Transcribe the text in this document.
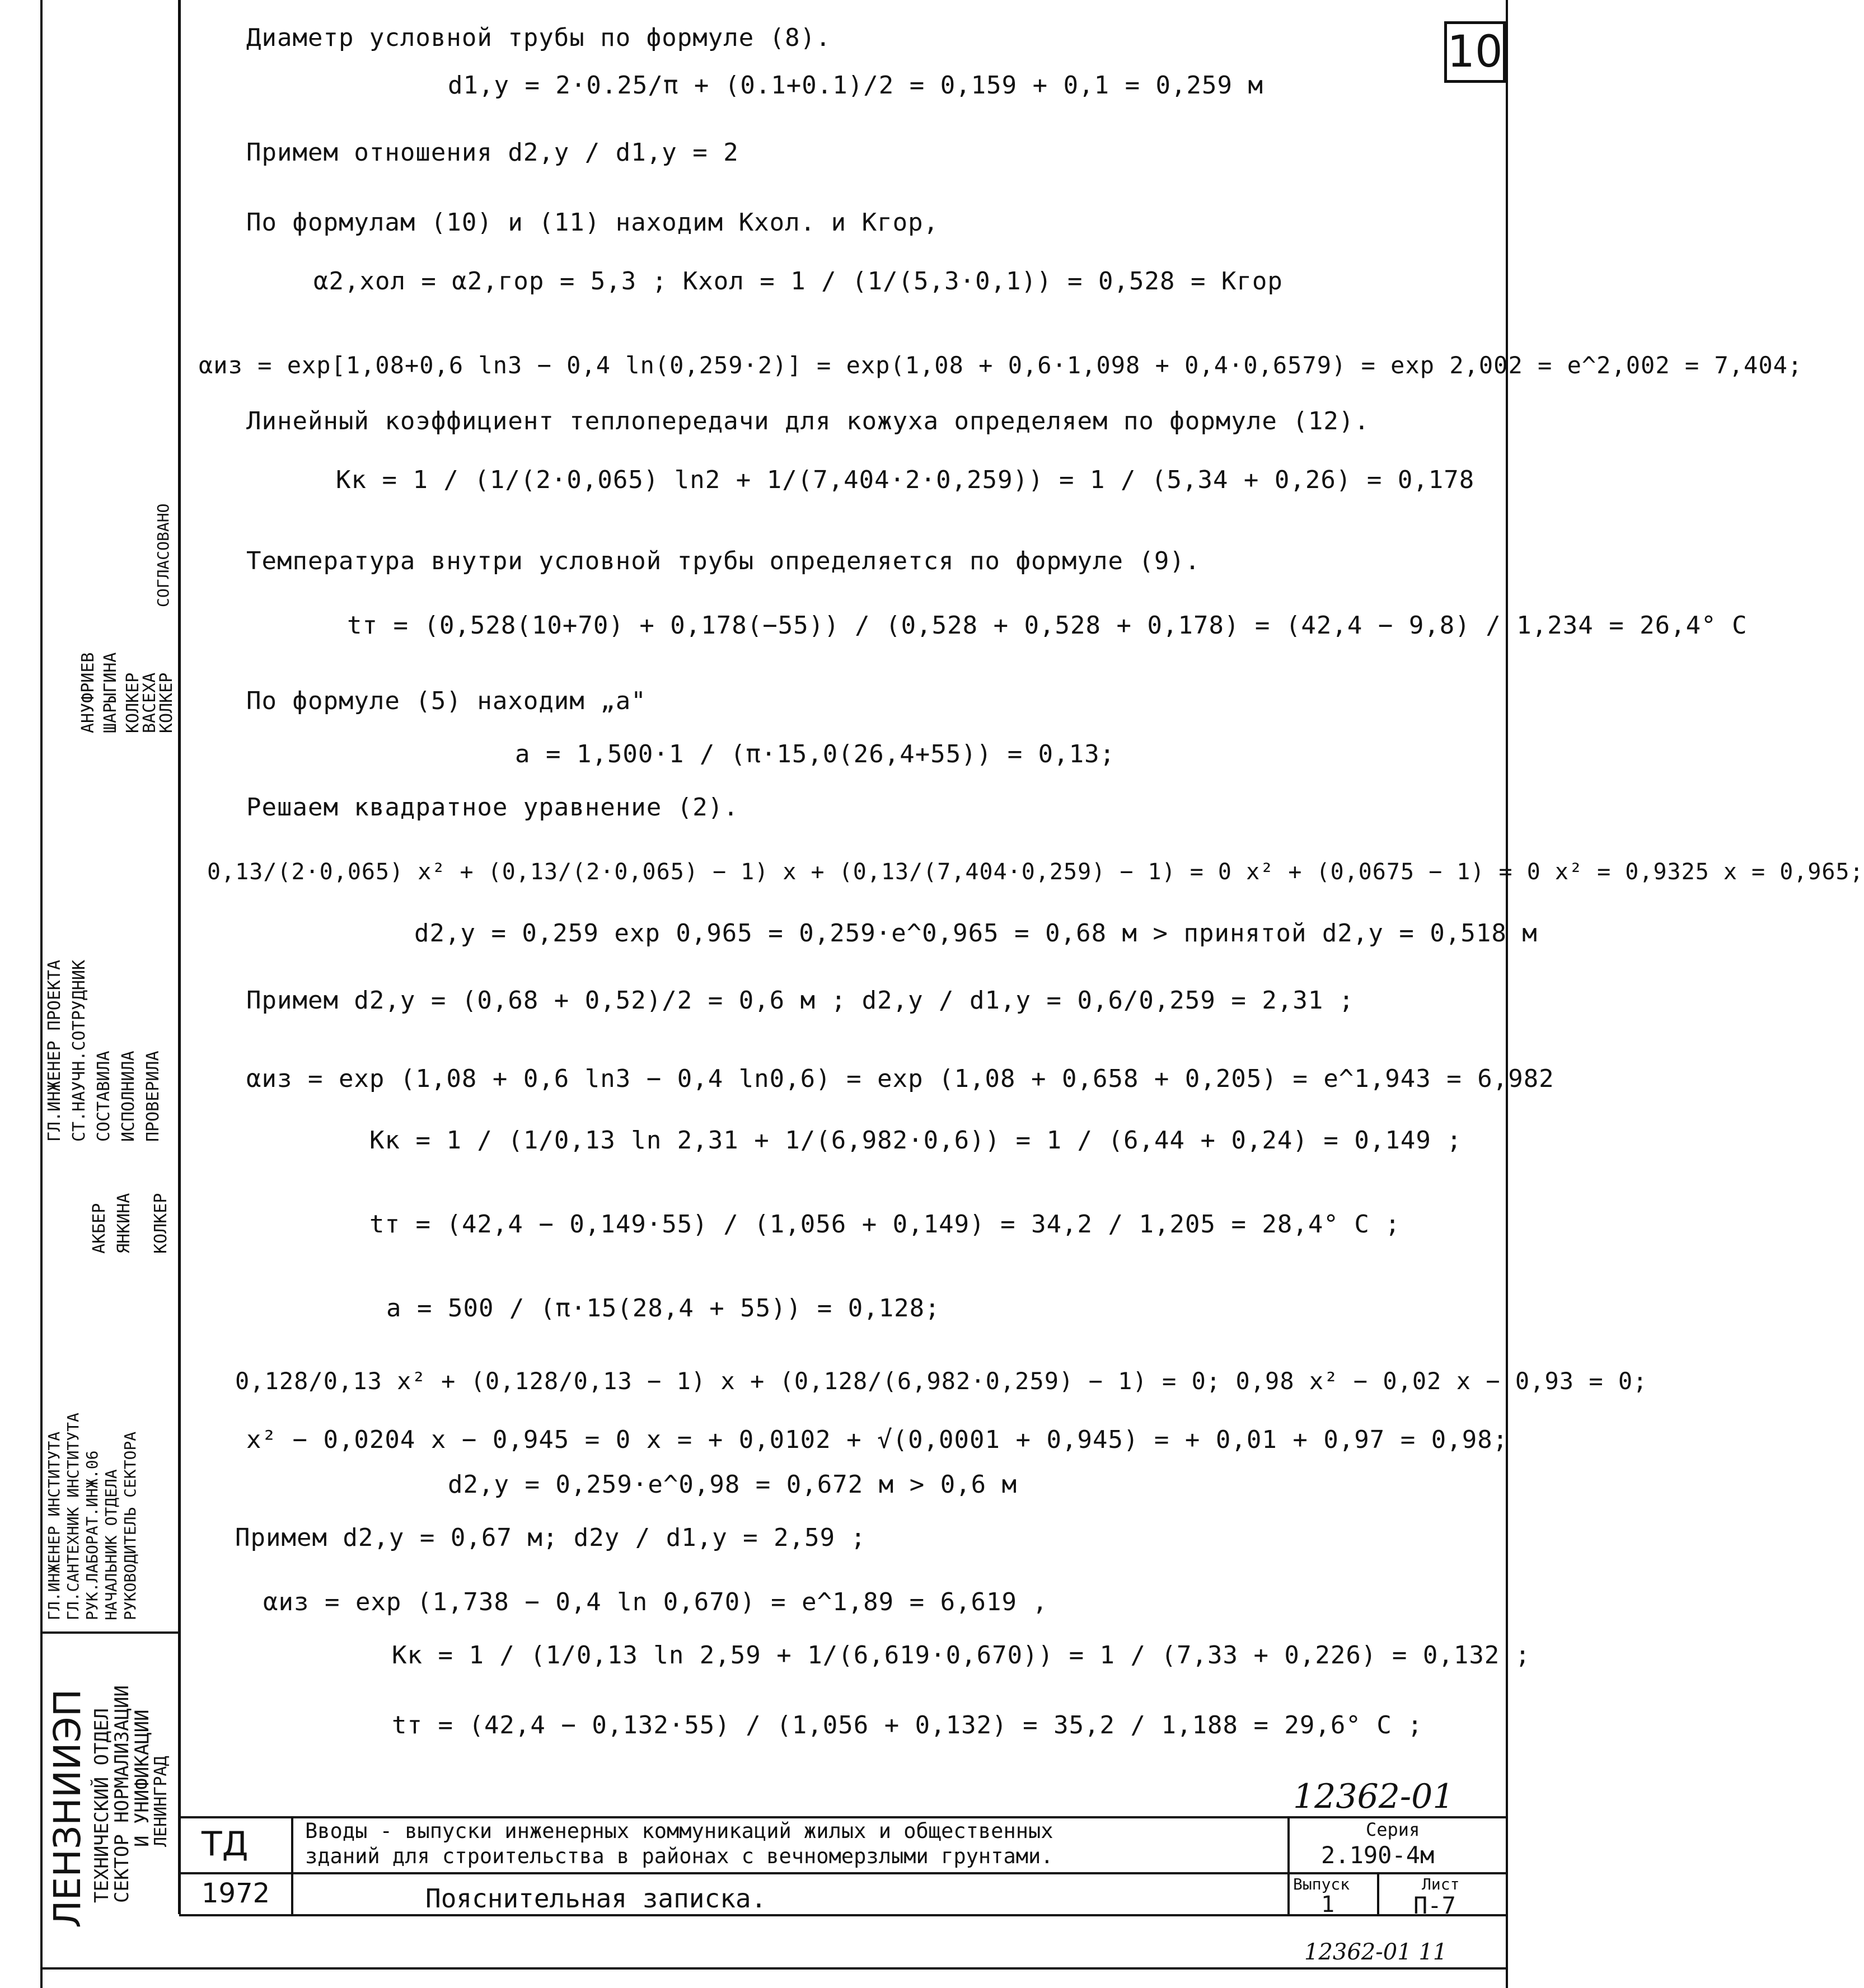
10
Диаметр условной трубы по формуле (8).
d1,у = 2·0.25/π + (0.1+0.1)/2 = 0,159 + 0,1 = 0,259 м
Примем отношения d2,у / d1,у = 2
По формулам (10) и (11) находим Kхол. и Kгор,
α2,хол = α2,гор = 5,3 ; Kхол = 1 / (1/(5,3·0,1)) = 0,528 = Kгор
αиз = exp[1,08+0,6 ln3 − 0,4 ln(0,259·2)] = exp(1,08 + 0,6·1,098 + 0,4·0,6579) = exp 2,002 = e^2,002 = 7,404;
Линейный коэффициент теплопередачи для кожуха определяем по формуле (12).
Kк = 1 / (1/(2·0,065) ln2 + 1/(7,404·2·0,259)) = 1 / (5,34 + 0,26) = 0,178
Температура внутри условной трубы определяется по формуле (9).
tт = (0,528(10+70) + 0,178(−55)) / (0,528 + 0,528 + 0,178) = (42,4 − 9,8) / 1,234 = 26,4° C
По формуле (5) находим „a"
a = 1,500·1 / (π·15,0(26,4+55)) = 0,13;
Решаем квадратное уравнение (2).
0,13/(2·0,065) x² + (0,13/(2·0,065) − 1) x + (0,13/(7,404·0,259) − 1) = 0 x² + (0,0675 − 1) = 0 x² = 0,9325 x = 0,965;
d2,у = 0,259 exp 0,965 = 0,259·e^0,965 = 0,68 м > принятой d2,у = 0,518 м
Примем d2,у = (0,68 + 0,52)/2 = 0,6 м ; d2,у / d1,у = 0,6/0,259 = 2,31 ;
αиз = exp (1,08 + 0,6 ln3 − 0,4 ln0,6) = exp (1,08 + 0,658 + 0,205) = e^1,943 = 6,982
Kк = 1 / (1/0,13 ln 2,31 + 1/(6,982·0,6)) = 1 / (6,44 + 0,24) = 0,149 ;
tт = (42,4 − 0,149·55) / (1,056 + 0,149) = 34,2 / 1,205 = 28,4° C ;
a = 500 / (π·15(28,4 + 55)) = 0,128;
0,128/0,13 x² + (0,128/0,13 − 1) x + (0,128/(6,982·0,259) − 1) = 0; 0,98 x² − 0,02 x − 0,93 = 0;
x² − 0,0204 x − 0,945 = 0 x = + 0,0102 + √(0,0001 + 0,945) = + 0,01 + 0,97 = 0,98;
d2,у = 0,259·e^0,98 = 0,672 м > 0,6 м
Примем d2,у = 0,67 м; d2у / d1,у = 2,59 ;
αиз = exp (1,738 − 0,4 ln 0,670) = e^1,89 = 6,619 ,
Kк = 1 / (1/0,13 ln 2,59 + 1/(6,619·0,670)) = 1 / (7,33 + 0,226) = 0,132 ;
tт = (42,4 − 0,132·55) / (1,056 + 0,132) = 35,2 / 1,188 = 29,6° C ;
ЛЕНЗНИИЭП ТЕХНИЧЕСКИЙ ОТДЕЛ
СЕКТОР НОРМАЛИЗАЦИИ
И УНИФИКАЦИИ
ЛЕНИНГРАД
ГЛ.ИНЖЕНЕР ИНСТИТУТА ГЛ.САНТЕХНИК ИНСТИТУТА РУК.ЛАБОРАТ.ИНЖ.06 НАЧАЛЬНИК ОТДЕЛА РУКОВОДИТЕЛЬ СЕКТОРА
ГЛ.ИНЖЕНЕР ПРОЕКТА СТ.НАУЧН.СОТРУДНИК СОСТАВИЛА ИСПОЛНИЛА ПРОВЕРИЛА
АКБЕР ЯНКИНА КОЛКЕР
СОГЛАСОВАНО
АНУФРИЕВ ШАРЫГИНА КОЛКЕР
ВАСЕХА
КОЛКЕР
ТД
1972
Вводы - выпуски инженерных коммуникаций жилых и общественных
зданий для строительства в районах с вечномерзлыми грунтами.
Пояснительная записка.
Серия
2.190-4м
Выпуск
1
Лист
П-7
12362-01
12362-01 11
